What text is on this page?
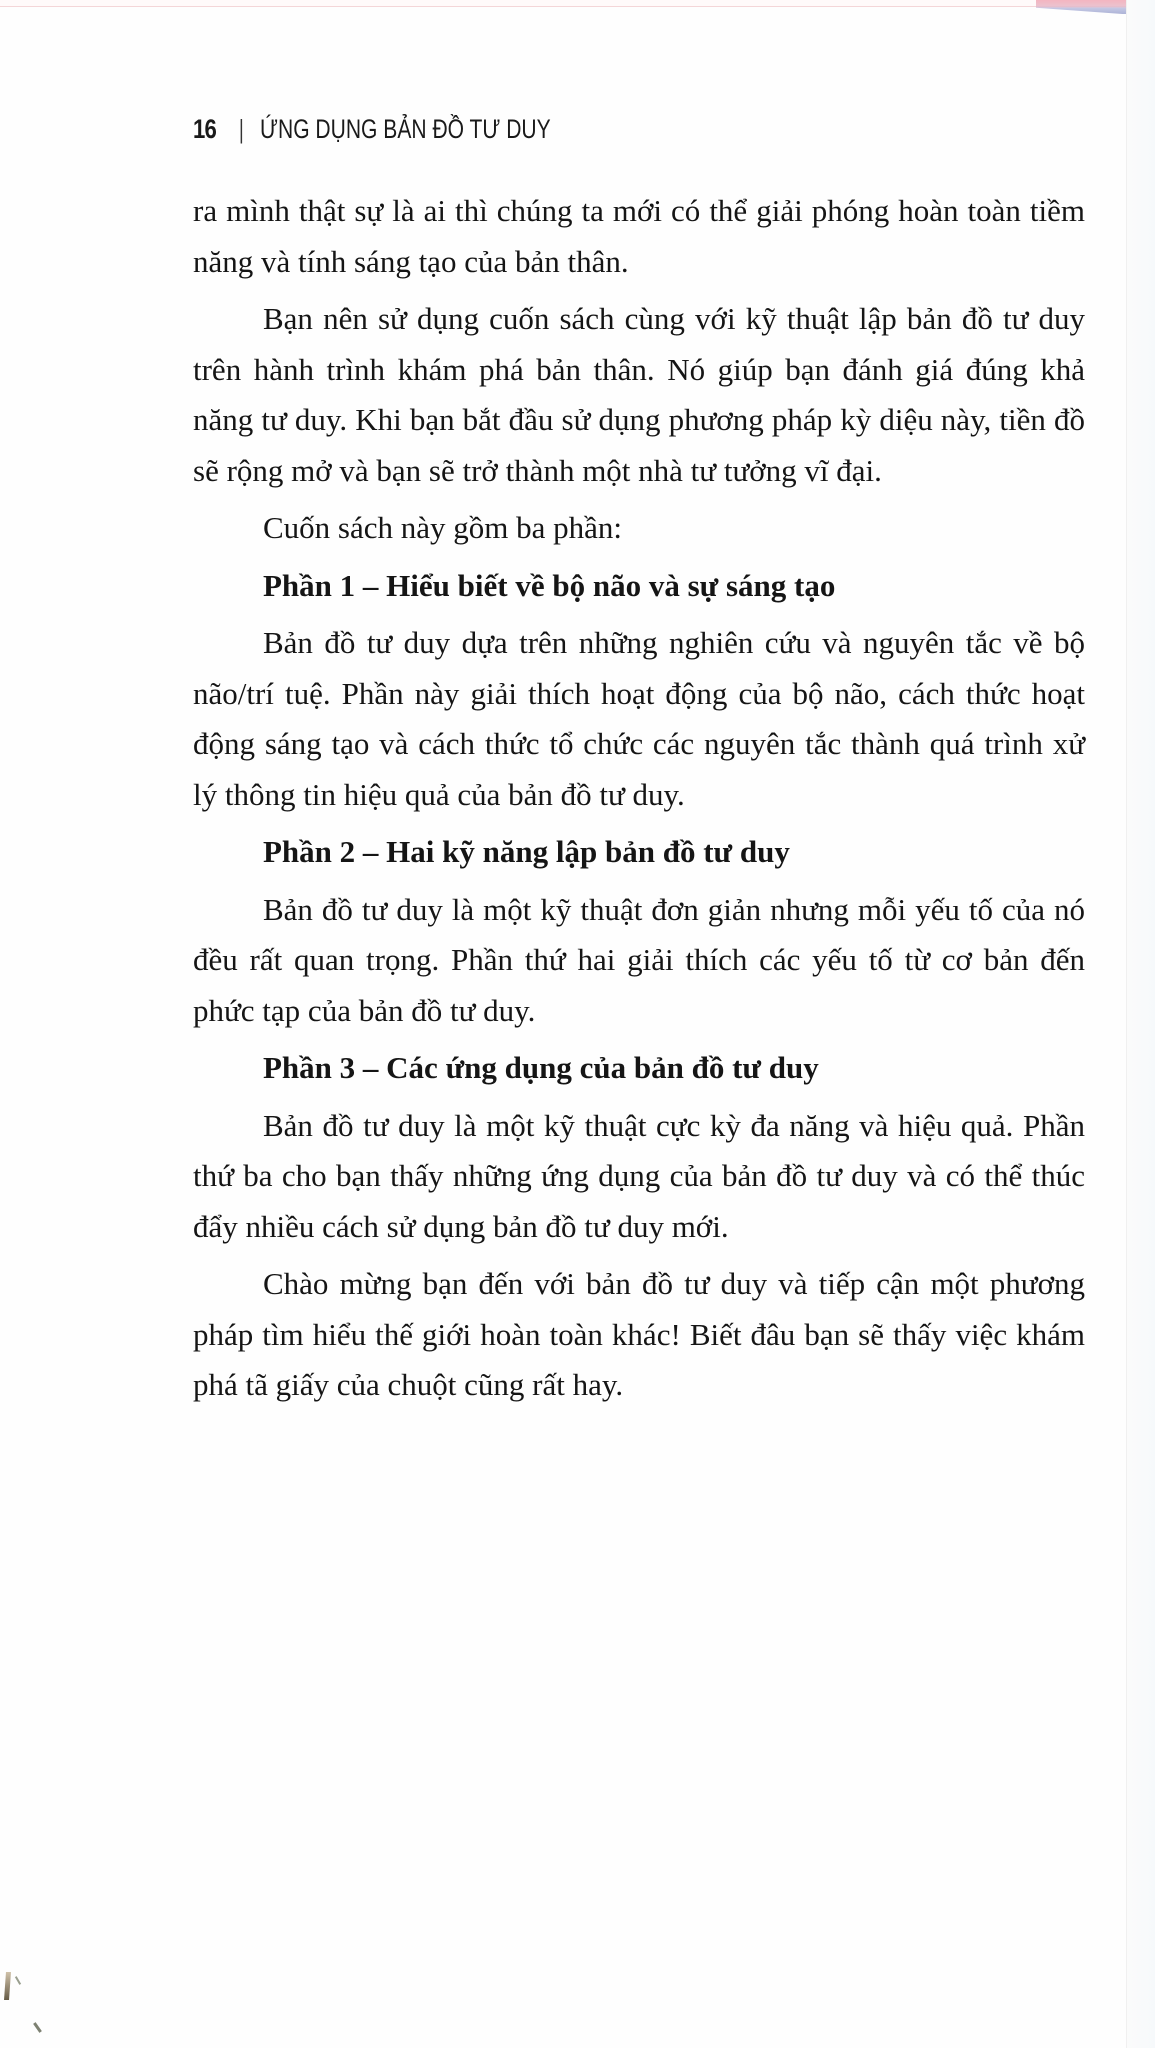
16 | ỨNG DỤNG BẢN ĐỒ TƯ DUY

ra mình thật sự là ai thì chúng ta mới có thể giải phóng hoàn toàn tiềm năng và tính sáng tạo của bản thân.

Bạn nên sử dụng cuốn sách cùng với kỹ thuật lập bản đồ tư duy trên hành trình khám phá bản thân. Nó giúp bạn đánh giá đúng khả năng tư duy. Khi bạn bắt đầu sử dụng phương pháp kỳ diệu này, tiền đồ sẽ rộng mở và bạn sẽ trở thành một nhà tư tưởng vĩ đại.

Cuốn sách này gồm ba phần:

Phần 1 – Hiểu biết về bộ não và sự sáng tạo

Bản đồ tư duy dựa trên những nghiên cứu và nguyên tắc về bộ não/trí tuệ. Phần này giải thích hoạt động của bộ não, cách thức hoạt động sáng tạo và cách thức tổ chức các nguyên tắc thành quá trình xử lý thông tin hiệu quả của bản đồ tư duy.

Phần 2 – Hai kỹ năng lập bản đồ tư duy

Bản đồ tư duy là một kỹ thuật đơn giản nhưng mỗi yếu tố của nó đều rất quan trọng. Phần thứ hai giải thích các yếu tố từ cơ bản đến phức tạp của bản đồ tư duy.

Phần 3 – Các ứng dụng của bản đồ tư duy

Bản đồ tư duy là một kỹ thuật cực kỳ đa năng và hiệu quả. Phần thứ ba cho bạn thấy những ứng dụng của bản đồ tư duy và có thể thúc đẩy nhiều cách sử dụng bản đồ tư duy mới.

Chào mừng bạn đến với bản đồ tư duy và tiếp cận một phương pháp tìm hiểu thế giới hoàn toàn khác! Biết đâu bạn sẽ thấy việc khám phá tã giấy của chuột cũng rất hay.
